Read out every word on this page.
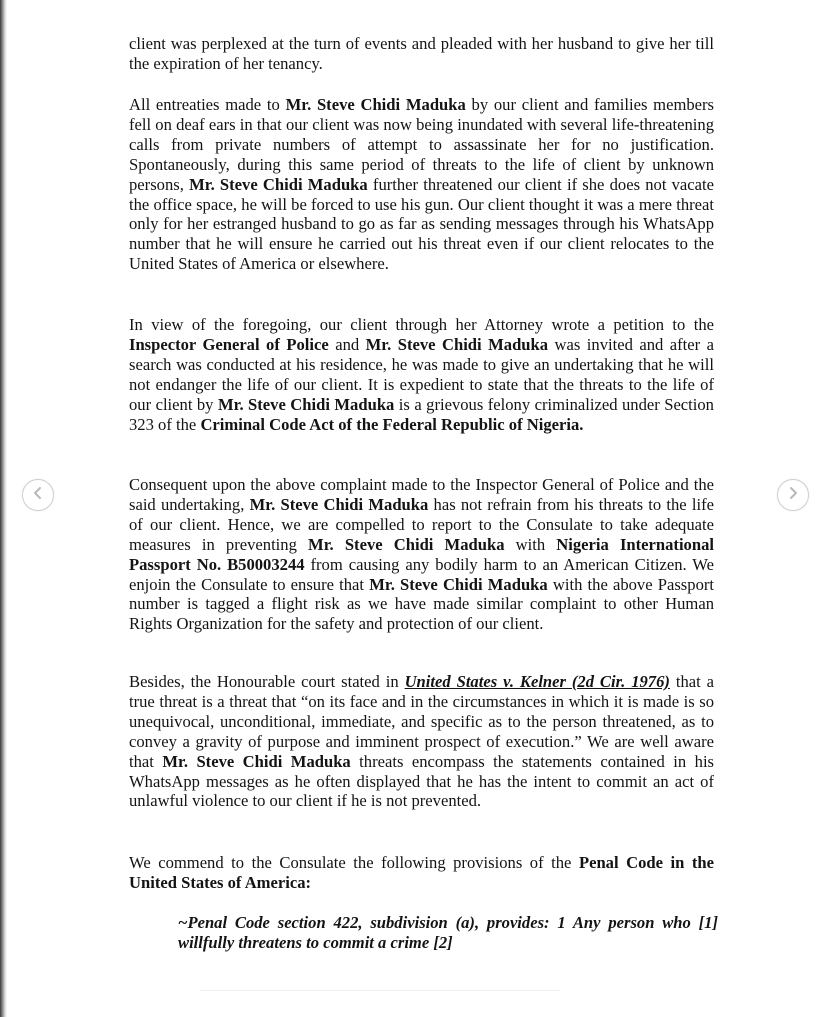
client was perplexed at the turn of events and pleaded with her husband to give her till the expiration of her tenancy.

All entreaties made to Mr. Steve Chidi Maduka by our client and families members fell on deaf ears in that our client was now being inundated with several life-threatening calls from private numbers of attempt to assassinate her for no justification. Spontaneously, during this same period of threats to the life of client by unknown persons, Mr. Steve Chidi Maduka further threatened our client if she does not vacate the office space, he will be forced to use his gun. Our client thought it was a mere threat only for her estranged husband to go as far as sending messages through his WhatsApp number that he will ensure he carried out his threat even if our client relocates to the United States of America or elsewhere.

In view of the foregoing, our client through her Attorney wrote a petition to the Inspector General of Police and Mr. Steve Chidi Maduka was invited and after a search was conducted at his residence, he was made to give an undertaking that he will not endanger the life of our client. It is expedient to state that the threats to the life of our client by Mr. Steve Chidi Maduka is a grievous felony criminalized under Section 323 of the Criminal Code Act of the Federal Republic of Nigeria.

Consequent upon the above complaint made to the Inspector General of Police and the said undertaking, Mr. Steve Chidi Maduka has not refrain from his threats to the life of our client. Hence, we are compelled to report to the Consulate to take adequate measures in preventing Mr. Steve Chidi Maduka with Nigeria International Passport No. B50003244 from causing any bodily harm to an American Citizen. We enjoin the Consulate to ensure that Mr. Steve Chidi Maduka with the above Passport number is tagged a flight risk as we have made similar complaint to other Human Rights Organization for the safety and protection of our client.

Besides, the Honourable court stated in United States v. Kelner (2d Cir. 1976) that a true threat is a threat that “on its face and in the circumstances in which it is made is so unequivocal, unconditional, immediate, and specific as to the person threatened, as to convey a gravity of purpose and imminent prospect of execution.” We are well aware that Mr. Steve Chidi Maduka threats encompass the statements contained in his WhatsApp messages as he often displayed that he has the intent to commit an act of unlawful violence to our client if he is not prevented.

We commend to the Consulate the following provisions of the Penal Code in the United States of America:

~Penal Code section 422, subdivision (a), provides: 1 Any person who [1] willfully threatens to commit a crime [2]
